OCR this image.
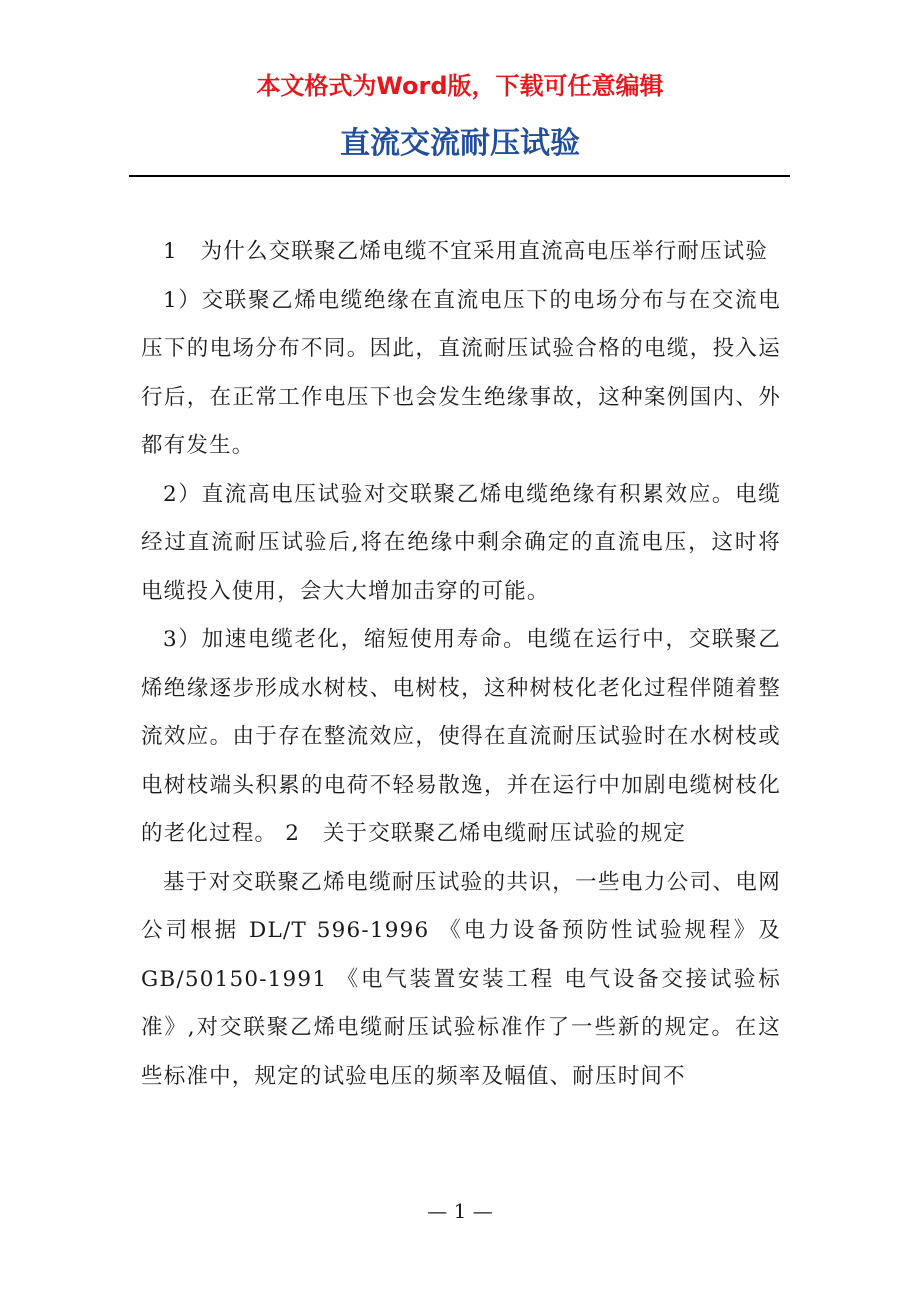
本文格式为Word版，下载可任意编辑
直流交流耐压试验

1　为什么交联聚乙烯电缆不宜采用直流高电压举行耐压试验

1）交联聚乙烯电缆绝缘在直流电压下的电场分布与在交流电压下的电场分布不同。因此，直流耐压试验合格的电缆，投入运行后，在正常工作电压下也会发生绝缘事故，这种案例国内、外都有发生。

2）直流高电压试验对交联聚乙烯电缆绝缘有积累效应。电缆经过直流耐压试验后,将在绝缘中剩余确定的直流电压，这时将电缆投入使用，会大大增加击穿的可能。

3）加速电缆老化，缩短使用寿命。电缆在运行中，交联聚乙烯绝缘逐步形成水树枝、电树枝，这种树枝化老化过程伴随着整流效应。由于存在整流效应，使得在直流耐压试验时在水树枝或电树枝端头积累的电荷不轻易散逸，并在运行中加剧电缆树枝化的老化过程。 2　关于交联聚乙烯电缆耐压试验的规定

基于对交联聚乙烯电缆耐压试验的共识，一些电力公司、电网公司根据 DL/T 596-1996 《电力设备预防性试验规程》及 GB/50150-1991 《电气装置安装工程 电气设备交接试验标准》,对交联聚乙烯电缆耐压试验标准作了一些新的规定。在这些标准中，规定的试验电压的频率及幅值、耐压时间不

— 1 —
